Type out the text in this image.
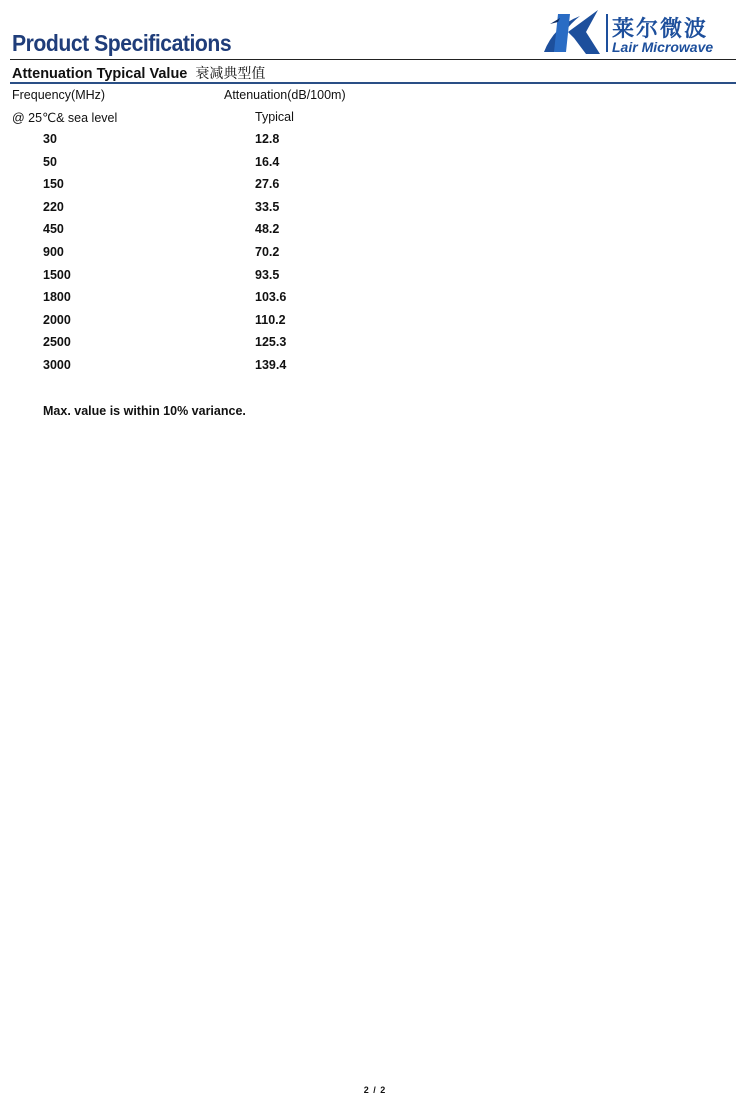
Product Specifications
莱尔微波
Lair Microwave
Attenuation Typical Value 衰减典型值
Frequency(MHz)	Attenuation(dB/100m)
@ 25℃& sea level	Typical
30	12.8
50	16.4
150	27.6
220	33.5
450	48.2
900	70.2
1500	93.5
1800	103.6
2000	110.2
2500	125.3
3000	139.4
Max. value is within 10% variance.
2 / 2
